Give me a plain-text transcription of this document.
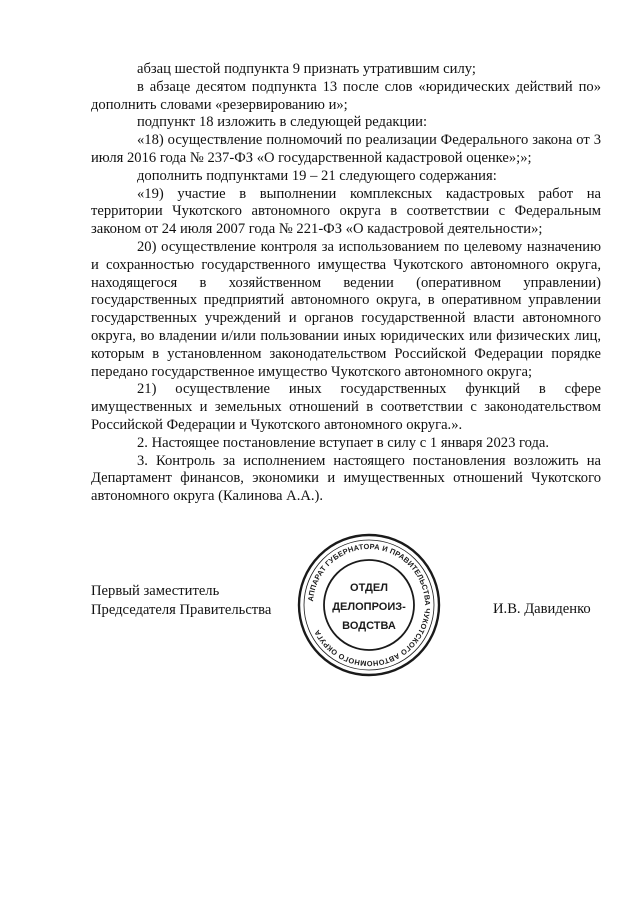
абзац шестой подпункта 9 признать утратившим силу;

в абзаце десятом подпункта 13 после слов «юридических действий по» дополнить словами «резервированию и»;

подпункт 18 изложить в следующей редакции:

«18) осуществление полномочий по реализации Федерального закона от 3 июля 2016 года № 237-ФЗ «О государственной кадастровой оценке»;»;

дополнить подпунктами 19 – 21 следующего содержания:

«19) участие в выполнении комплексных кадастровых работ на территории Чукотского автономного округа в соответствии с Федеральным законом от 24 июля 2007 года № 221-ФЗ «О кадастровой деятельности»;

20) осуществление контроля за использованием по целевому назначению и сохранностью государственного имущества Чукотского автономного округа, находящегося в хозяйственном ведении (оперативном управлении) государственных предприятий автономного округа, в оперативном управлении государственных учреждений и органов государственной власти автономного округа, во владении и/или пользовании иных юридических или физических лиц, которым в установленном законодательством Российской Федерации порядке передано государственное имущество Чукотского автономного округа;

21) осуществление иных государственных функций в сфере имущественных и земельных отношений в соответствии с законодательством Российской Федерации и Чукотского автономного округа.».

2. Настоящее постановление вступает в силу с 1 января 2023 года.

3. Контроль за исполнением настоящего постановления возложить на Департамент финансов, экономики и имущественных отношений Чукотского автономного округа (Калинова А.А.).

Первый заместитель
Председателя Правительства	И.В. Давиденко
АППАРАТ ГУБЕРНАТОРА И ПРАВИТЕЛЬСТВА ЧУКОТСКОГО АВТОНОМНОГО ОКРУГА
ОТДЕЛ
ДЕЛОПРОИЗ-
ВОДСТВА
